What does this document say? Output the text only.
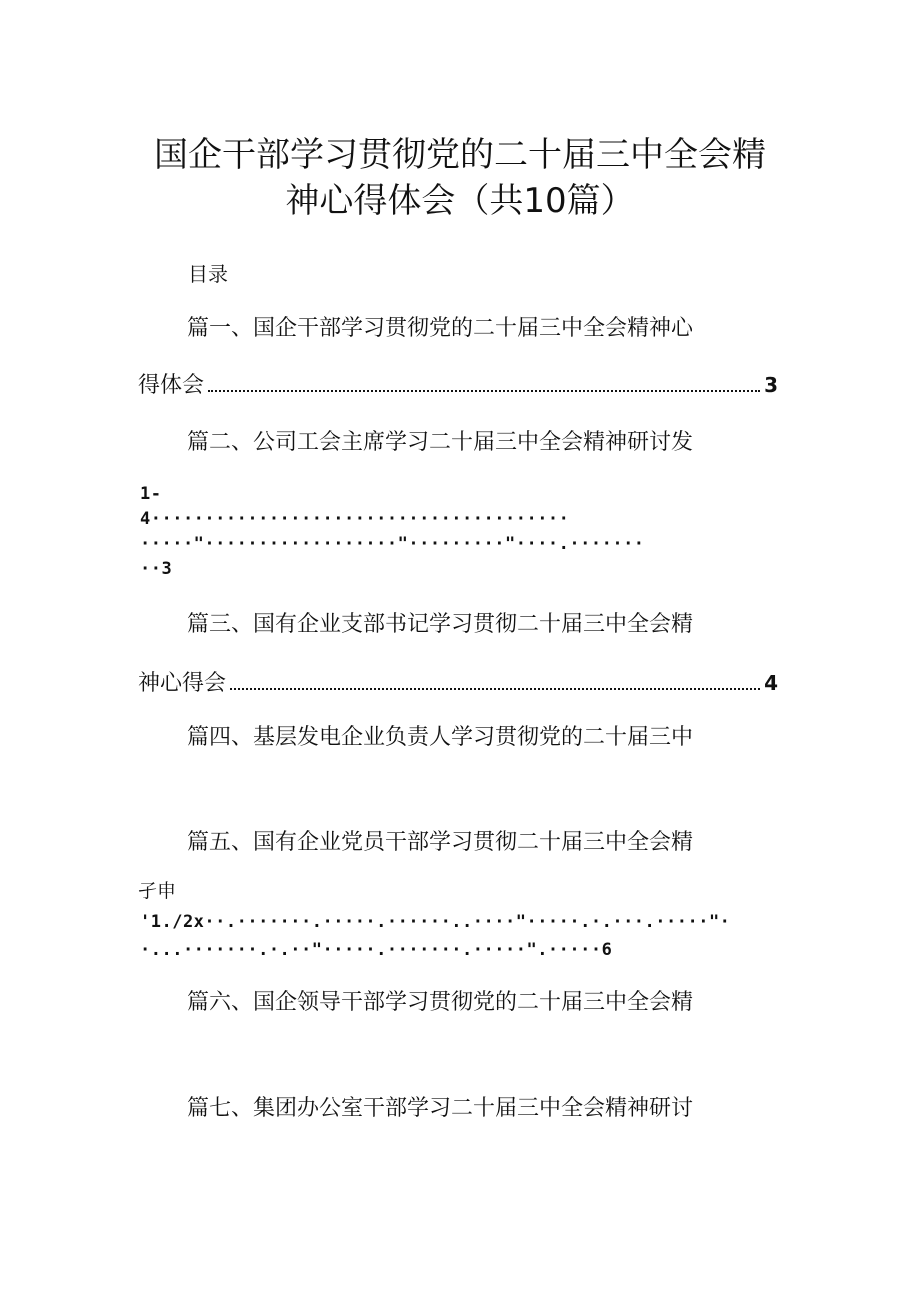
国企干部学习贯彻党的二十届三中全会精
神心得体会（共10篇）
目录
篇一、国企干部学习贯彻党的二十届三中全会精神心
得体会	3
篇二、公司工会主席学习二十届三中全会精神研讨发
1-
4·······································
·····"··················"·········"····.·······
··3
篇三、国有企业支部书记学习贯彻二十届三中全会精
神心得会	4
篇四、基层发电企业负责人学习贯彻党的二十届三中
篇五、国有企业党员干部学习贯彻二十届三中全会精
孑申
'1./2x··.·······.·····.······..····"·····.·.···.·····"·
·...·······.·.··"·····.·······.·····".·····6
篇六、国企领导干部学习贯彻党的二十届三中全会精
篇七、集团办公室干部学习二十届三中全会精神研讨
